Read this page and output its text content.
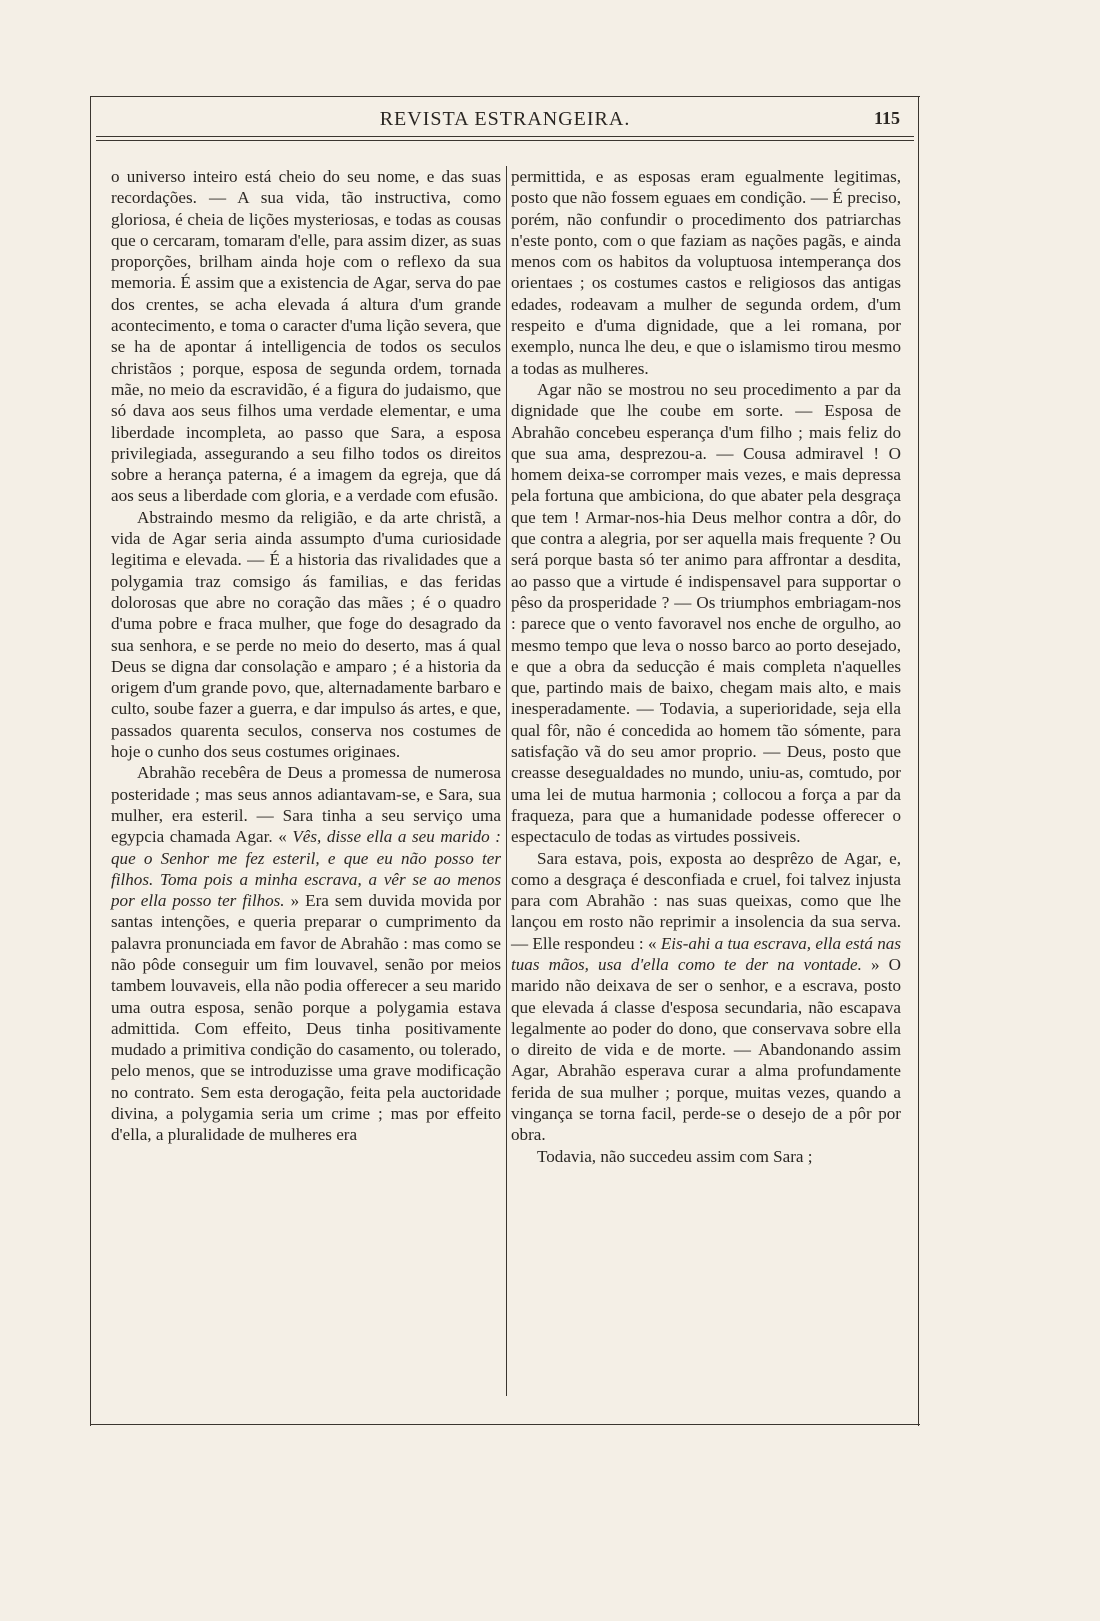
REVISTA ESTRANGEIRA.	115

o universo inteiro está cheio do seu nome, e das suas recordações. — A sua vida, tão instructiva, como gloriosa, é cheia de lições mysteriosas, e todas as cousas que o cercaram, tomaram d'elle, para assim dizer, as suas proporções, brilham ainda hoje com o reflexo da sua memoria. É assim que a existencia de Agar, serva do pae dos crentes, se acha elevada á altura d'um grande acontecimento, e toma o caracter d'uma lição severa, que se ha de apontar á intelligencia de todos os seculos christãos ; porque, esposa de segunda ordem, tornada mãe, no meio da escravidão, é a figura do judaismo, que só dava aos seus filhos uma verdade elementar, e uma liberdade incompleta, ao passo que Sara, a esposa privilegiada, assegurando a seu filho todos os direitos sobre a herança paterna, é a imagem da egreja, que dá aos seus a liberdade com gloria, e a verdade com efusão.

Abstraindo mesmo da religião, e da arte christã, a vida de Agar seria ainda assumpto d'uma curiosidade legitima e elevada. — É a historia das rivalidades que a polygamia traz comsigo ás familias, e das feridas dolorosas que abre no coração das mães ; é o quadro d'uma pobre e fraca mulher, que foge do desagrado da sua senhora, e se perde no meio do deserto, mas á qual Deus se digna dar consolação e amparo ; é a historia da origem d'um grande povo, que, alternadamente barbaro e culto, soube fazer a guerra, e dar impulso ás artes, e que, passados quarenta seculos, conserva nos costumes de hoje o cunho dos seus costumes originaes.

Abrahão recebêra de Deus a promessa de numerosa posteridade ; mas seus annos adiantavam-se, e Sara, sua mulher, era esteril. — Sara tinha a seu serviço uma egypcia chamada Agar. « Vês, disse ella a seu marido : que o Senhor me fez esteril, e que eu não posso ter filhos. Toma pois a minha escrava, a vêr se ao menos por ella posso ter filhos. » Era sem duvida movida por santas intenções, e queria preparar o cumprimento da palavra pronunciada em favor de Abrahão : mas como se não pôde conseguir um fim louvavel, senão por meios tambem louvaveis, ella não podia offerecer a seu marido uma outra esposa, senão porque a polygamia estava admittida. Com effeito, Deus tinha positivamente mudado a primitiva condição do casamento, ou tolerado, pelo menos, que se introduzisse uma grave modificação no contrato. Sem esta derogação, feita pela auctoridade divina, a polygamia seria um crime ; mas por effeito d'ella, a pluralidade de mulheres era

permittida, e as esposas eram egualmente legitimas, posto que não fossem eguaes em condição. — É preciso, porém, não confundir o procedimento dos patriarchas n'este ponto, com o que faziam as nações pagãs, e ainda menos com os habitos da voluptuosa intemperança dos orientaes ; os costumes castos e religiosos das antigas edades, rodeavam a mulher de segunda ordem, d'um respeito e d'uma dignidade, que a lei romana, por exemplo, nunca lhe deu, e que o islamismo tirou mesmo a todas as mulheres.

Agar não se mostrou no seu procedimento a par da dignidade que lhe coube em sorte. — Esposa de Abrahão concebeu esperança d'um filho ; mais feliz do que sua ama, desprezou-a. — Cousa admiravel ! O homem deixa-se corromper mais vezes, e mais depressa pela fortuna que ambiciona, do que abater pela desgraça que tem ! Armar-nos-hia Deus melhor contra a dôr, do que contra a alegria, por ser aquella mais frequente ? Ou será porque basta só ter animo para affrontar a desdita, ao passo que a virtude é indispensavel para supportar o pêso da prosperidade ? — Os triumphos embriagam-nos : parece que o vento favoravel nos enche de orgulho, ao mesmo tempo que leva o nosso barco ao porto desejado, e que a obra da seducção é mais completa n'aquelles que, partindo mais de baixo, chegam mais alto, e mais inesperadamente. — Todavia, a superioridade, seja ella qual fôr, não é concedida ao homem tão sómente, para satisfação vã do seu amor proprio. — Deus, posto que creasse desegualdades no mundo, uniu-as, comtudo, por uma lei de mutua harmonia ; collocou a força a par da fraqueza, para que a humanidade podesse offerecer o espectaculo de todas as virtudes possiveis.

Sara estava, pois, exposta ao desprêzo de Agar, e, como a desgraça é desconfiada e cruel, foi talvez injusta para com Abrahão : nas suas queixas, como que lhe lançou em rosto não reprimir a insolencia da sua serva. — Elle respondeu : « Eis-ahi a tua escrava, ella está nas tuas mãos, usa d'ella como te der na vontade. » O marido não deixava de ser o senhor, e a escrava, posto que elevada á classe d'esposa secundaria, não escapava legalmente ao poder do dono, que conservava sobre ella o direito de vida e de morte. — Abandonando assim Agar, Abrahão esperava curar a alma profundamente ferida de sua mulher ; porque, muitas vezes, quando a vingança se torna facil, perde-se o desejo de a pôr por obra.

Todavia, não succedeu assim com Sara ;
